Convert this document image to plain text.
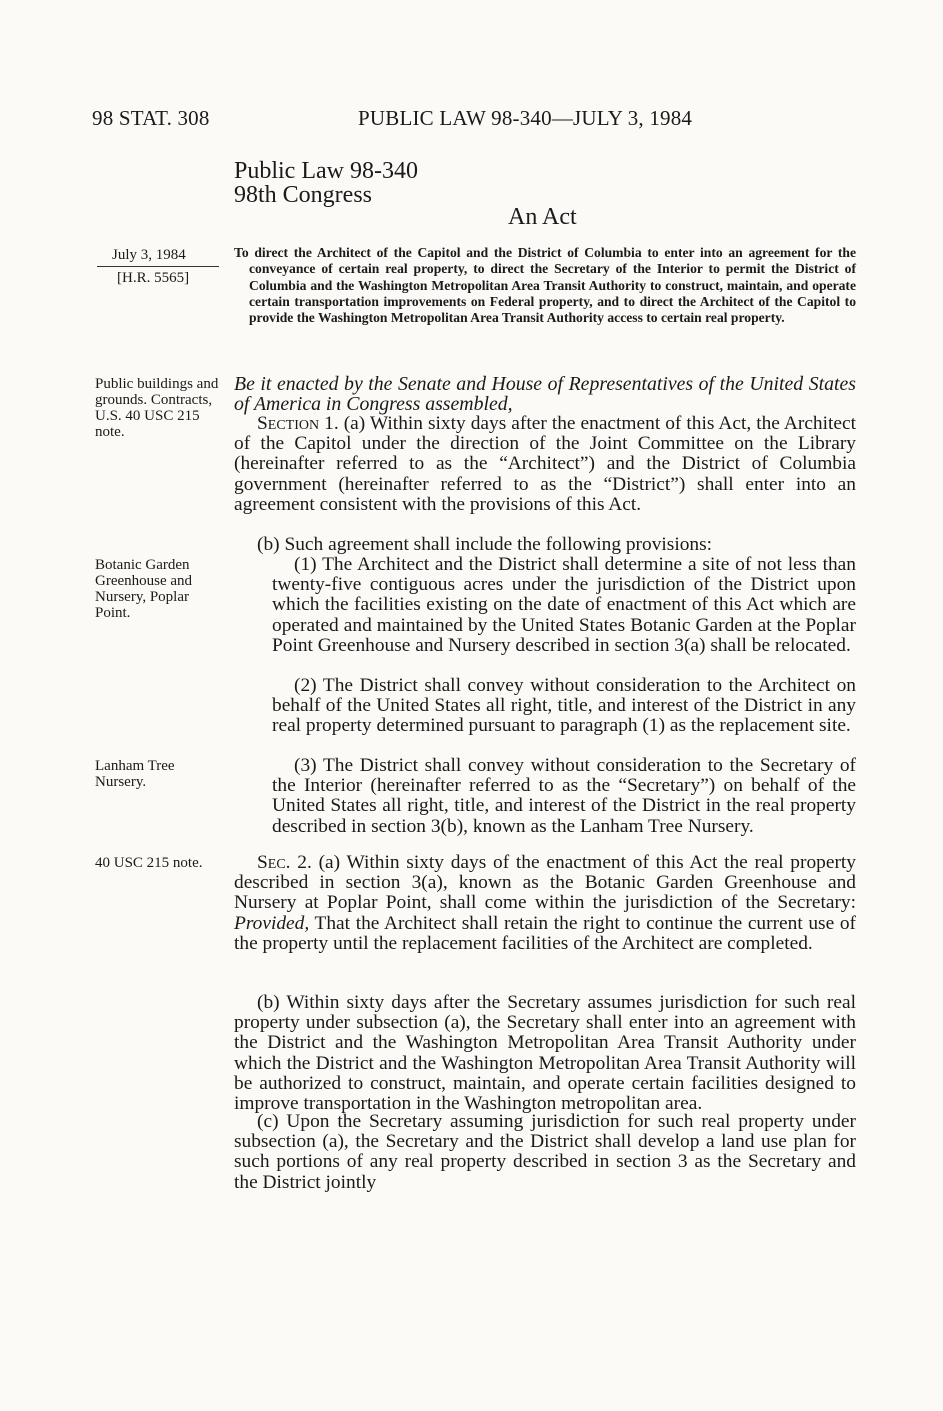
98 STAT. 308	PUBLIC LAW 98-340—JULY 3, 1984
Public Law 98-340
98th Congress
An Act
July 3, 1984
[H.R. 5565]
To direct the Architect of the Capitol and the District of Columbia to enter into an agreement for the conveyance of certain real property, to direct the Secretary of the Interior to permit the District of Columbia and the Washington Metropolitan Area Transit Authority to construct, maintain, and operate certain transportation improvements on Federal property, and to direct the Architect of the Capitol to provide the Washington Metropolitan Area Transit Authority access to certain real property.
Public buildings and grounds. Contracts, U.S. 40 USC 215 note.
Botanic Garden Greenhouse and Nursery, Poplar Point.
Lanham Tree Nursery.
40 USC 215 note.

Be it enacted by the Senate and House of Representatives of the United States of America in Congress assembled,

Section 1. (a) Within sixty days after the enactment of this Act, the Architect of the Capitol under the direction of the Joint Committee on the Library (hereinafter referred to as the “Architect”) and the District of Columbia government (hereinafter referred to as the “District”) shall enter into an agreement consistent with the provisions of this Act.

(b) Such agreement shall include the following provisions:

(1) The Architect and the District shall determine a site of not less than twenty-five contiguous acres under the jurisdiction of the District upon which the facilities existing on the date of enactment of this Act which are operated and maintained by the United States Botanic Garden at the Poplar Point Greenhouse and Nursery described in section 3(a) shall be relocated.

(2) The District shall convey without consideration to the Architect on behalf of the United States all right, title, and interest of the District in any real property determined pursuant to paragraph (1) as the replacement site.

(3) The District shall convey without consideration to the Secretary of the Interior (hereinafter referred to as the “Secretary”) on behalf of the United States all right, title, and interest of the District in the real property described in section 3(b), known as the Lanham Tree Nursery.

Sec. 2. (a) Within sixty days of the enactment of this Act the real property described in section 3(a), known as the Botanic Garden Greenhouse and Nursery at Poplar Point, shall come within the jurisdiction of the Secretary: Provided, That the Architect shall retain the right to continue the current use of the property until the replacement facilities of the Architect are completed.

(b) Within sixty days after the Secretary assumes jurisdiction for such real property under subsection (a), the Secretary shall enter into an agreement with the District and the Washington Metropolitan Area Transit Authority under which the District and the Washington Metropolitan Area Transit Authority will be authorized to construct, maintain, and operate certain facilities designed to improve transportation in the Washington metropolitan area.

(c) Upon the Secretary assuming jurisdiction for such real property under subsection (a), the Secretary and the District shall develop a land use plan for such portions of any real property described in section 3 as the Secretary and the District jointly
